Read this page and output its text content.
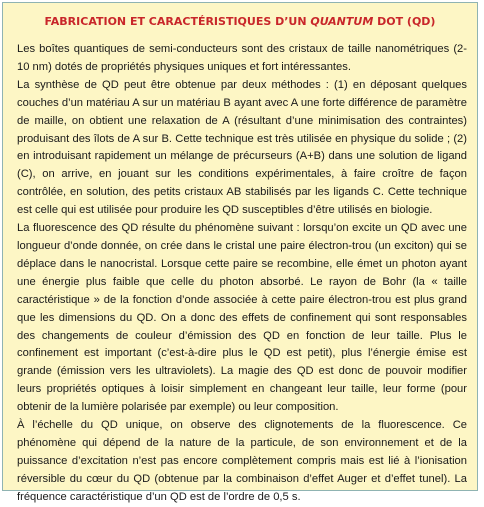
FABRICATION ET CARACTÉRISTIQUES D’UN QUANTUM DOT (QD)

Les boîtes quantiques de semi-conducteurs sont des cristaux de taille nanométriques (2-10 nm) dotés de propriétés physiques uniques et fort intéressantes.

La synthèse de QD peut être obtenue par deux méthodes : (1) en déposant quelques couches d’un matériau A sur un matériau B ayant avec A une forte différence de paramètre de maille, on obtient une relaxation de A (résultant d’une minimisation des contraintes) produisant des îlots de A sur B. Cette technique est très utilisée en physique du solide ; (2) en introduisant rapidement un mélange de précurseurs (A+B) dans une solution de ligand (C), on arrive, en jouant sur les conditions expérimentales, à faire croître de façon contrôlée, en solution, des petits cristaux AB stabilisés par les ligands C. Cette technique est celle qui est utilisée pour produire les QD susceptibles d’être utilisés en biologie.

La fluorescence des QD résulte du phénomène suivant : lorsqu’on excite un QD avec une longueur d’onde donnée, on crée dans le cristal une paire électron-trou (un exciton) qui se déplace dans le nanocristal. Lorsque cette paire se recombine, elle émet un photon ayant une énergie plus faible que celle du photon absorbé. Le rayon de Bohr (la « taille caractéristique » de la fonction d’onde associée à cette paire électron-trou est plus grand que les dimensions du QD. On a donc des effets de confinement qui sont responsables des changements de couleur d’émission des QD en fonction de leur taille. Plus le confinement est important (c’est-à-dire plus le QD est petit), plus l’énergie émise est grande (émission vers les ultraviolets). La magie des QD est donc de pouvoir modifier leurs propriétés optiques à loisir simplement en changeant leur taille, leur forme (pour obtenir de la lumière polarisée par exemple) ou leur composition.

À l’échelle du QD unique, on observe des clignotements de la fluorescence. Ce phénomène qui dépend de la nature de la particule, de son environnement et de la puissance d’excitation n’est pas encore complètement compris mais est lié à l’ionisation réversible du cœur du QD (obtenue par la combinaison d’effet Auger et d’effet tunel). La fréquence caractéristique d’un QD est de l’ordre de 0,5 s.
